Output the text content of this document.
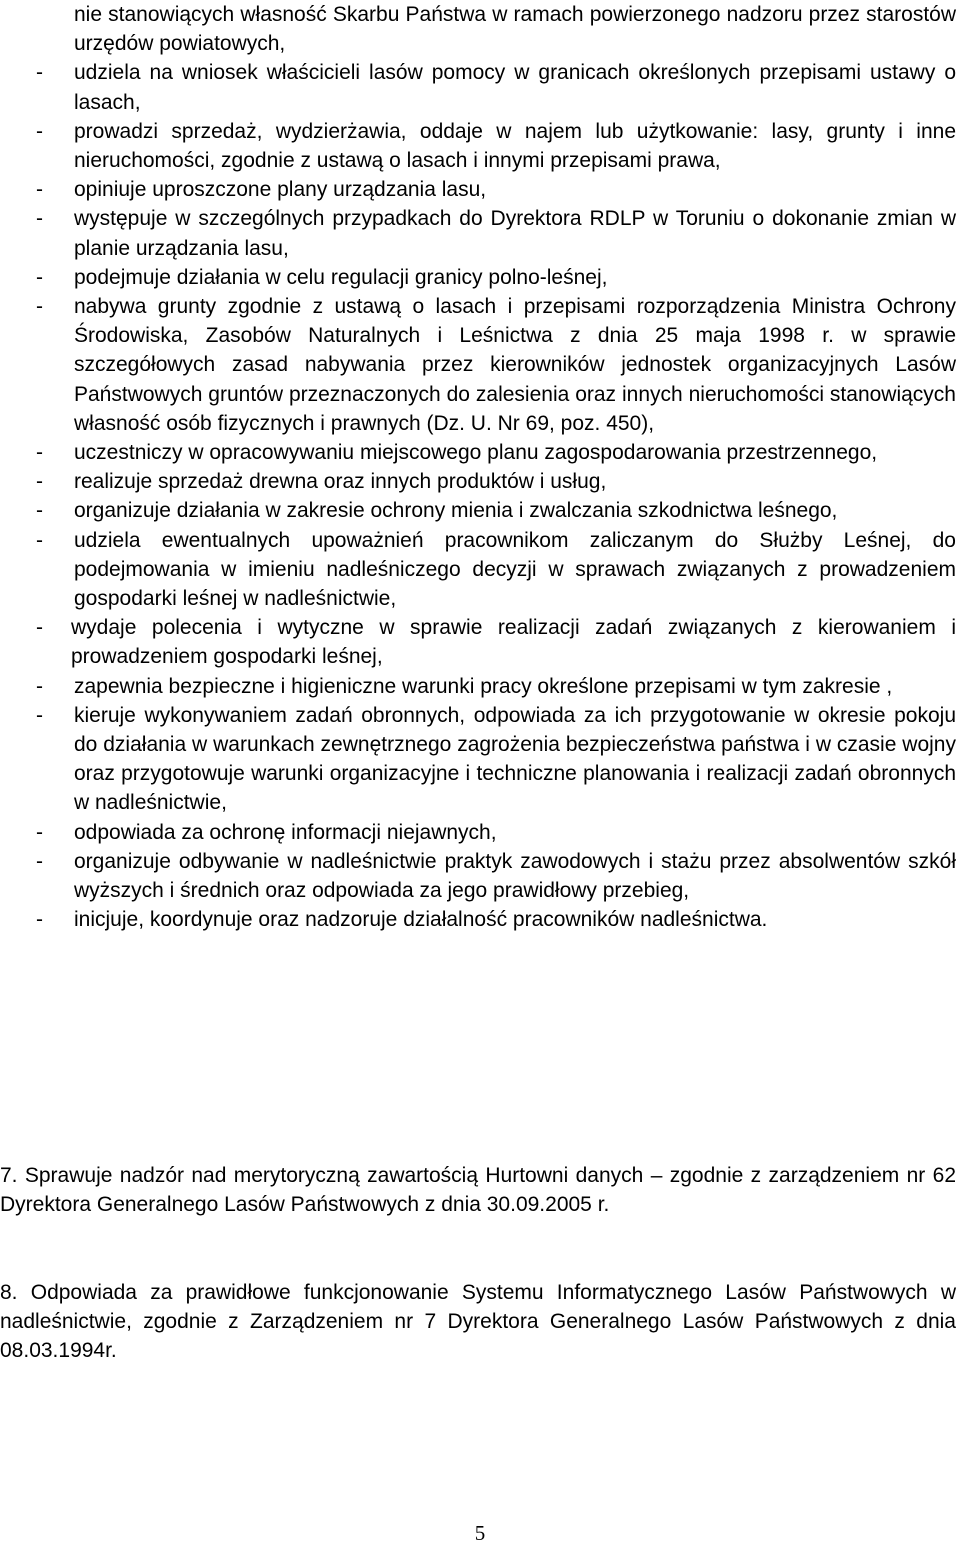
nie stanowiących własność Skarbu Państwa w ramach powierzonego nadzoru przez starostów urzędów powiatowych,
- udziela na wniosek właścicieli lasów pomocy w granicach określonych przepisami ustawy o lasach,
- prowadzi sprzedaż, wydzierżawia, oddaje w najem lub użytkowanie: lasy, grunty i inne nieruchomości, zgodnie z ustawą o lasach i innymi przepisami prawa,
- opiniuje uproszczone plany urządzania lasu,
- występuje w szczególnych przypadkach do Dyrektora RDLP w Toruniu o dokonanie zmian w planie urządzania lasu,
- podejmuje działania w celu regulacji granicy polno-leśnej,
- nabywa grunty zgodnie z ustawą o lasach i przepisami rozporządzenia Ministra Ochrony Środowiska, Zasobów Naturalnych i Leśnictwa z dnia 25 maja 1998 r. w sprawie szczegółowych zasad nabywania przez kierowników jednostek organizacyjnych Lasów Państwowych gruntów przeznaczonych do zalesienia oraz innych nieruchomości stanowiących własność osób fizycznych i prawnych (Dz. U. Nr 69, poz. 450),
- uczestniczy w opracowywaniu miejscowego planu zagospodarowania przestrzennego,
- realizuje sprzedaż drewna oraz innych produktów i usług,
- organizuje działania w zakresie ochrony mienia i zwalczania szkodnictwa leśnego,
- udziela ewentualnych upoważnień pracownikom zaliczanym do Służby Leśnej, do podejmowania w imieniu nadleśniczego decyzji w sprawach związanych z prowadzeniem gospodarki leśnej w nadleśnictwie,
- wydaje polecenia i wytyczne w sprawie realizacji zadań związanych z kierowaniem i prowadzeniem gospodarki leśnej,
- zapewnia bezpieczne i higieniczne warunki pracy określone przepisami w tym zakresie ,
- kieruje wykonywaniem zadań obronnych, odpowiada za ich przygotowanie w okresie pokoju do działania w warunkach zewnętrznego zagrożenia bezpieczeństwa państwa i w czasie wojny oraz przygotowuje warunki organizacyjne i techniczne planowania i realizacji zadań obronnych w nadleśnictwie,
- odpowiada za ochronę informacji niejawnych,
- organizuje odbywanie w nadleśnictwie praktyk zawodowych i stażu przez absolwentów szkół wyższych i średnich oraz odpowiada za jego prawidłowy przebieg,
- inicjuje, koordynuje oraz nadzoruje działalność pracowników nadleśnictwa.

7. Sprawuje nadzór nad merytoryczną zawartością Hurtowni danych – zgodnie z zarządzeniem nr 62 Dyrektora Generalnego Lasów Państwowych z dnia 30.09.2005 r.

8. Odpowiada za prawidłowe funkcjonowanie Systemu Informatycznego Lasów Państwowych w nadleśnictwie, zgodnie z Zarządzeniem nr 7 Dyrektora Generalnego Lasów Państwowych z dnia 08.03.1994r.

5
